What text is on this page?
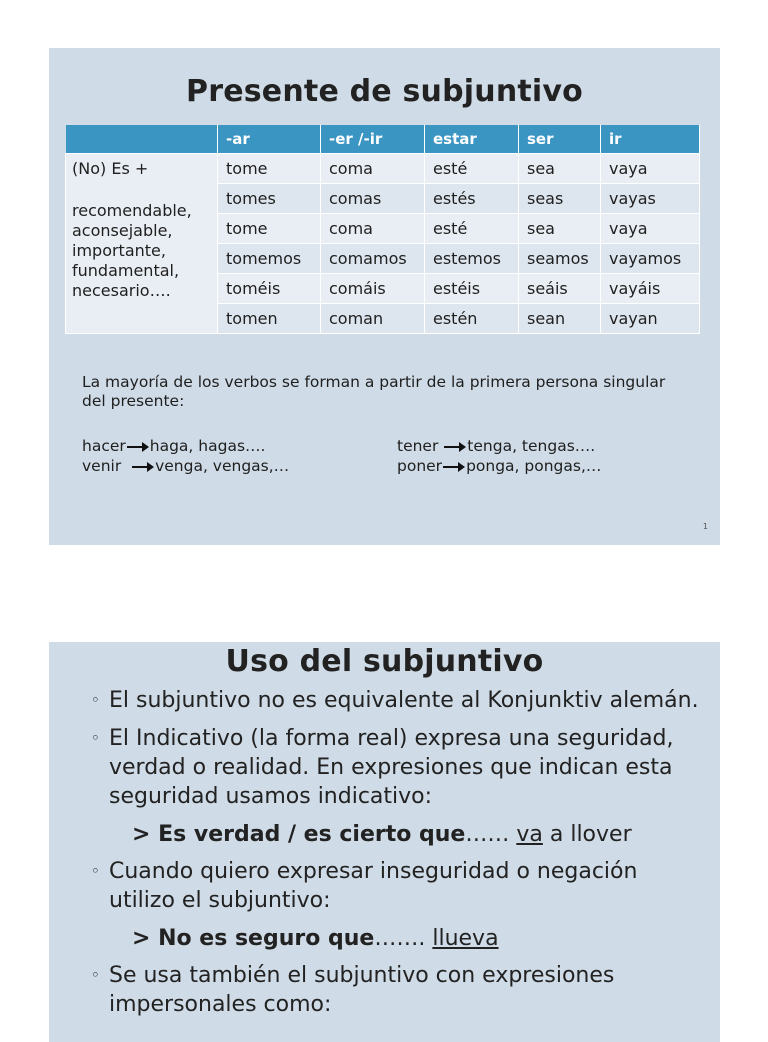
Presente de subjuntivo
	-ar	-er /-ir	estar	ser	ir

(No) Es +
recomendable, aconsejable, importante, fundamental, necesario….	tome	coma	esté	sea	vaya
	tomes	comas	estés	seas	vayas
	tome	coma	esté	sea	vaya
	tomemos	comamos	estemos	seamos	vayamos
	toméis	comáis	estéis	seáis	vayáis
	tomen	coman	estén	sean	vayan
La mayoría de los verbos se forman a partir de la primera persona singular del presente:
hacer haga, hagas….
venir venga, vengas,…
tener tenga, tengas….
poner ponga, pongas,…
1
Uso del subjuntivo
◦ El subjuntivo no es equivalente al Konjunktiv alemán.
◦ El Indicativo (la forma real) expresa una seguridad, verdad o realidad. En expresiones que indican esta seguridad usamos indicativo:
> Es verdad / es cierto que…… va a llover
◦ Cuando quiero expresar inseguridad o negación utilizo el subjuntivo:
> No es seguro que……. llueva
◦ Se usa también el subjuntivo con expresiones impersonales como:
